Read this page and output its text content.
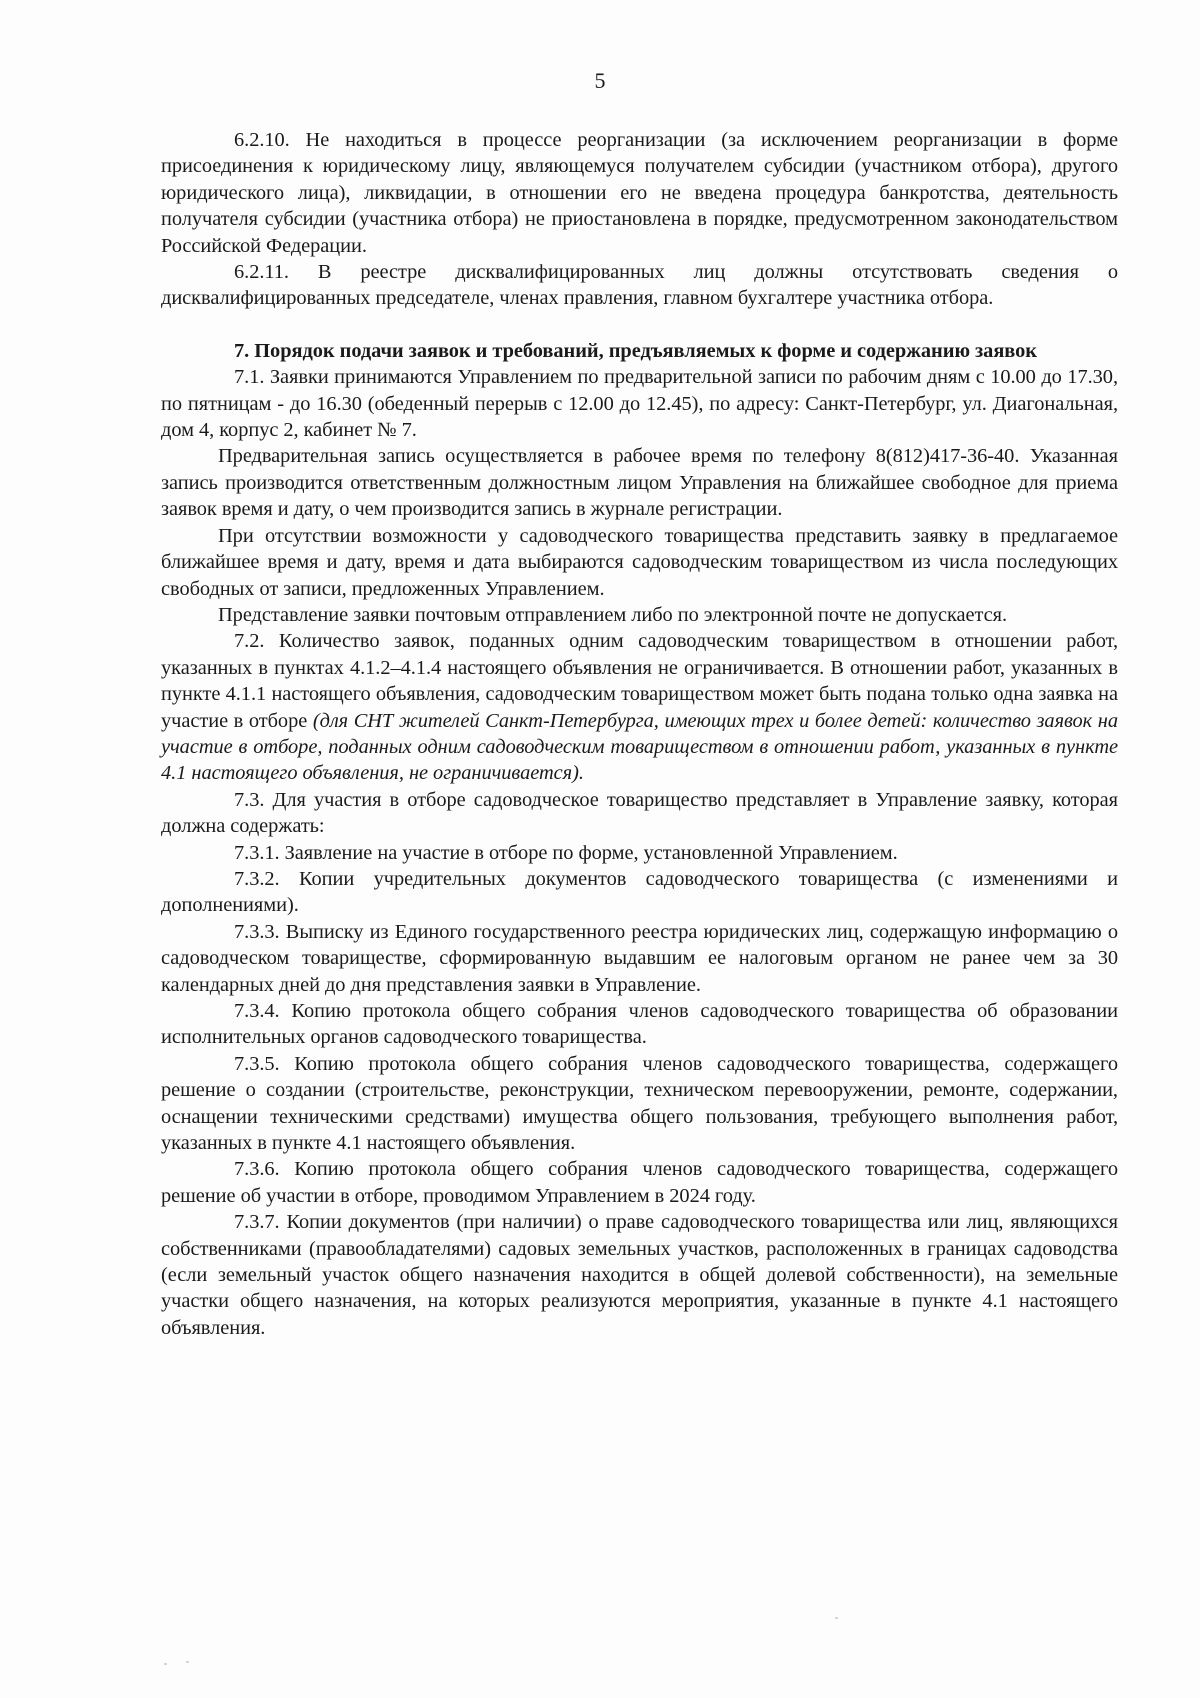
5

6.2.10. Не находиться в процессе реорганизации (за исключением реорганизации в форме присоединения к юридическому лицу, являющемуся получателем субсидии (участником отбора), другого юридического лица), ликвидации, в отношении его не введена процедура банкротства, деятельность получателя субсидии (участника отбора) не приостановлена в порядке, предусмотренном законодательством Российской Федерации.

6.2.11. В реестре дисквалифицированных лиц должны отсутствовать сведения о дисквалифицированных председателе, членах правления, главном бухгалтере участника отбора.

7. Порядок подачи заявок и требований, предъявляемых к форме и содержанию заявок

7.1. Заявки принимаются Управлением по предварительной записи по рабочим дням с 10.00 до 17.30, по пятницам - до 16.30 (обеденный перерыв с 12.00 до 12.45), по адресу: Санкт-Петербург, ул. Диагональная, дом 4, корпус 2, кабинет № 7.

Предварительная запись осуществляется в рабочее время по телефону 8(812)417-36-40. Указанная запись производится ответственным должностным лицом Управления на ближайшее свободное для приема заявок время и дату, о чем производится запись в журнале регистрации.

При отсутствии возможности у садоводческого товарищества представить заявку в предлагаемое ближайшее время и дату, время и дата выбираются садоводческим товариществом из числа последующих свободных от записи, предложенных Управлением.

Представление заявки почтовым отправлением либо по электронной почте не допускается.

7.2. Количество заявок, поданных одним садоводческим товариществом в отношении работ, указанных в пунктах 4.1.2–4.1.4 настоящего объявления не ограничивается. В отношении работ, указанных в пункте 4.1.1 настоящего объявления, садоводческим товариществом может быть подана только одна заявка на участие в отборе (для СНТ жителей Санкт-Петербурга, имеющих трех и более детей: количество заявок на участие в отборе, поданных одним садоводческим товариществом в отношении работ, указанных в пункте 4.1 настоящего объявления, не ограничивается).

7.3. Для участия в отборе садоводческое товарищество представляет в Управление заявку, которая должна содержать:

7.3.1. Заявление на участие в отборе по форме, установленной Управлением.

7.3.2. Копии учредительных документов садоводческого товарищества (с изменениями и дополнениями).

7.3.3. Выписку из Единого государственного реестра юридических лиц, содержащую информацию о садоводческом товариществе, сформированную выдавшим ее налоговым органом не ранее чем за 30 календарных дней до дня представления заявки в Управление.

7.3.4. Копию протокола общего собрания членов садоводческого товарищества об образовании исполнительных органов садоводческого товарищества.

7.3.5. Копию протокола общего собрания членов садоводческого товарищества, содержащего решение о создании (строительстве, реконструкции, техническом перевооружении, ремонте, содержании, оснащении техническими средствами) имущества общего пользования, требующего выполнения работ, указанных в пункте 4.1 настоящего объявления.

7.3.6. Копию протокола общего собрания членов садоводческого товарищества, содержащего решение об участии в отборе, проводимом Управлением в 2024 году.

7.3.7. Копии документов (при наличии) о праве садоводческого товарищества или лиц, являющихся собственниками (правообладателями) садовых земельных участков, расположенных в границах садоводства (если земельный участок общего назначения находится в общей долевой собственности), на земельные участки общего назначения, на которых реализуются мероприятия, указанные в пункте 4.1 настоящего объявления.
